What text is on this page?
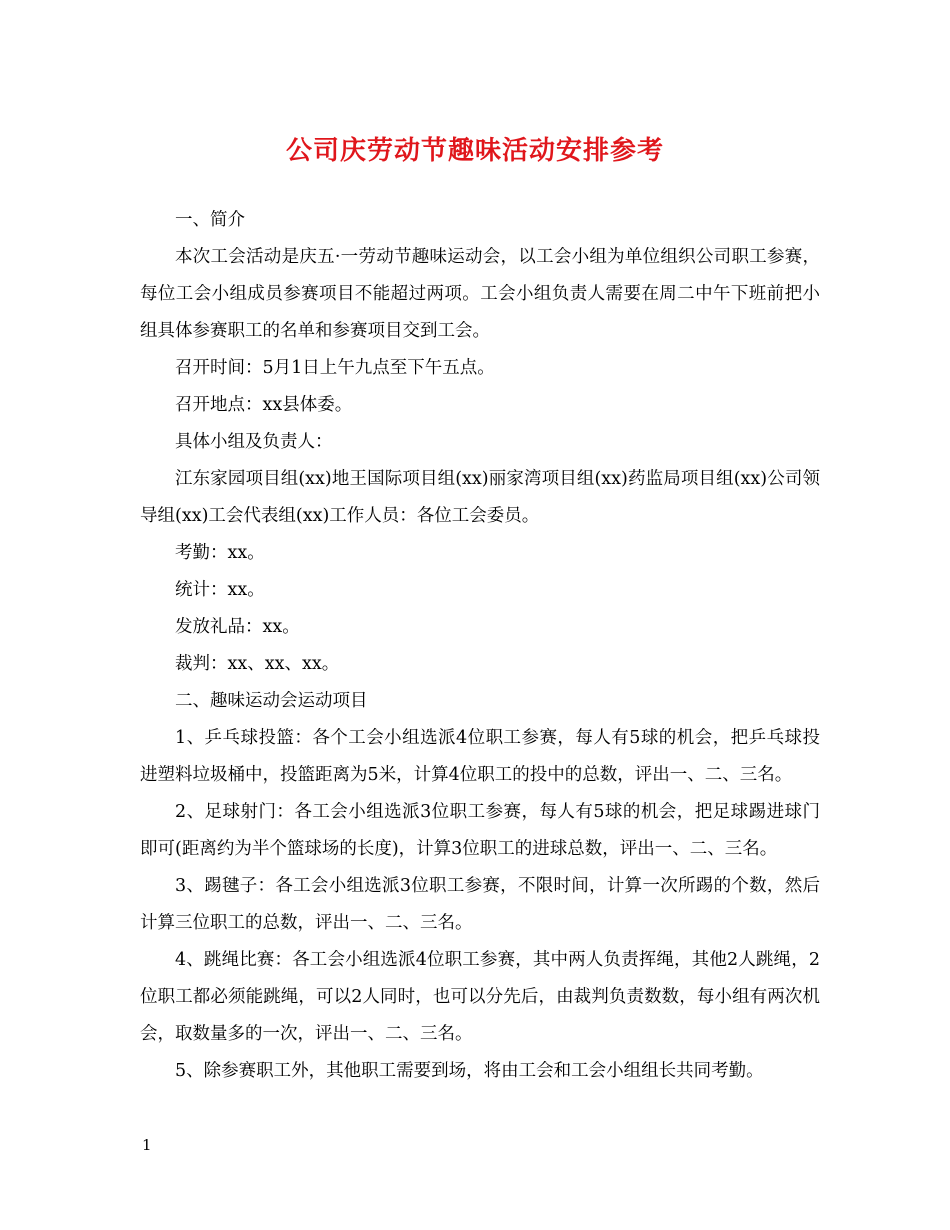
公司庆劳动节趣味活动安排参考

一、简介

本次工会活动是庆五·一劳动节趣味运动会，以工会小组为单位组织公司职工参赛，每位工会小组成员参赛项目不能超过两项。工会小组负责人需要在周二中午下班前把小组具体参赛职工的名单和参赛项目交到工会。

召开时间：5月1日上午九点至下午五点。

召开地点：xx县体委。

具体小组及负责人：

江东家园项目组(xx)地王国际项目组(xx)丽家湾项目组(xx)药监局项目组(xx)公司领导组(xx)工会代表组(xx)工作人员：各位工会委员。

考勤：xx。

统计：xx。

发放礼品：xx。

裁判：xx、xx、xx。

二、趣味运动会运动项目

1、乒乓球投篮：各个工会小组选派4位职工参赛，每人有5球的机会，把乒乓球投进塑料垃圾桶中，投篮距离为5米，计算4位职工的投中的总数，评出一、二、三名。

2、足球射门：各工会小组选派3位职工参赛，每人有5球的机会，把足球踢进球门即可(距离约为半个篮球场的长度)，计算3位职工的进球总数，评出一、二、三名。

3、踢毽子：各工会小组选派3位职工参赛，不限时间，计算一次所踢的个数，然后计算三位职工的总数，评出一、二、三名。

4、跳绳比赛：各工会小组选派4位职工参赛，其中两人负责挥绳，其他2人跳绳，2位职工都必须能跳绳，可以2人同时，也可以分先后，由裁判负责数数，每小组有两次机会，取数量多的一次，评出一、二、三名。

5、除参赛职工外，其他职工需要到场，将由工会和工会小组组长共同考勤。

1
